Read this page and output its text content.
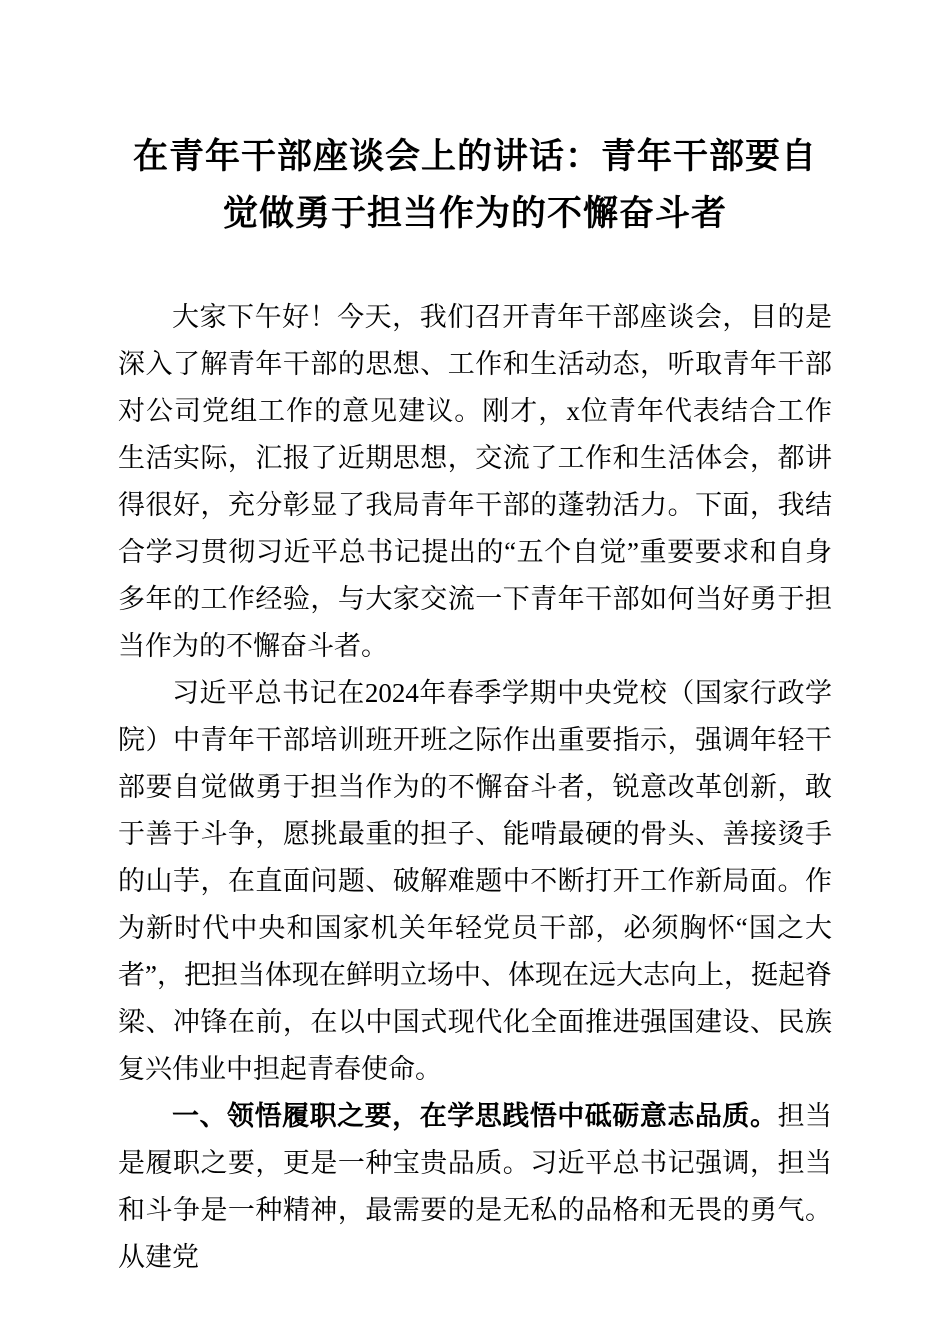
在青年干部座谈会上的讲话：青年干部要自觉做勇于担当作为的不懈奋斗者

大家下午好！今天，我们召开青年干部座谈会，目的是深入了解青年干部的思想、工作和生活动态，听取青年干部对公司党组工作的意见建议。刚才，x位青年代表结合工作生活实际，汇报了近期思想，交流了工作和生活体会，都讲得很好，充分彰显了我局青年干部的蓬勃活力。下面，我结合学习贯彻习近平总书记提出的“五个自觉”重要要求和自身多年的工作经验，与大家交流一下青年干部如何当好勇于担当作为的不懈奋斗者。

习近平总书记在2024年春季学期中央党校（国家行政学院）中青年干部培训班开班之际作出重要指示，强调年轻干部要自觉做勇于担当作为的不懈奋斗者，锐意改革创新，敢于善于斗争，愿挑最重的担子、能啃最硬的骨头、善接烫手的山芋，在直面问题、破解难题中不断打开工作新局面。作为新时代中央和国家机关年轻党员干部，必须胸怀“国之大者”，把担当体现在鲜明立场中、体现在远大志向上，挺起脊梁、冲锋在前，在以中国式现代化全面推进强国建设、民族复兴伟业中担起青春使命。

一、领悟履职之要，在学思践悟中砥砺意志品质。担当是履职之要，更是一种宝贵品质。习近平总书记强调，担当和斗争是一种精神，最需要的是无私的品格和无畏的勇气。从建党
